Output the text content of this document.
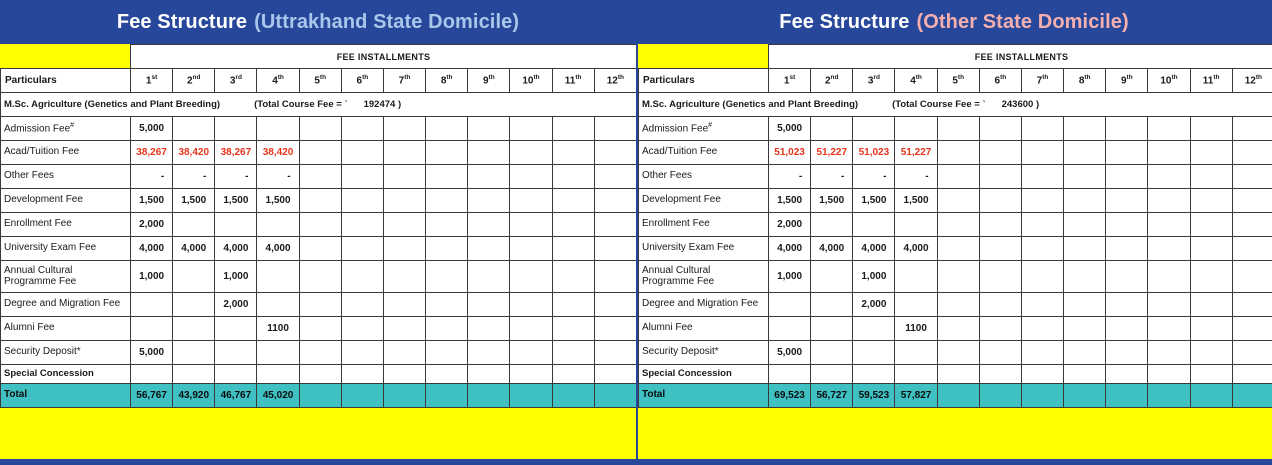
Fee Structure (Uttrakhand State Domicile)	Fee Structure (Other State Domicile)
	FEE INSTALLMENTS											
Particulars	1st	2nd	3rd	4th	5th	6th	7th	8th	9th	10th	11th	12th
M.Sc. Agriculture (Genetics and Plant Breeding) (Total Course Fee = ` 192474 )												
Admission Fee#	5,000											
Acad/Tuition Fee	38,267	38,420	38,267	38,420								
Other Fees	-	-	-	-								
Development Fee	1,500	1,500	1,500	1,500								
Enrollment Fee	2,000											
University Exam Fee	4,000	4,000	4,000	4,000								
Annual Cultural Programme Fee	1,000		1,000									
Degree and Migration Fee			2,000									
Alumni Fee				1100								
Security Deposit*	5,000											
Special Concession												
Total	56,767	43,920	46,767	45,020								
	FEE INSTALLMENTS											
Particulars	1st	2nd	3rd	4th	5th	6th	7th	8th	9th	10th	11th	12th
M.Sc. Agriculture (Genetics and Plant Breeding) (Total Course Fee = ` 243600 )												
Admission Fee#	5,000											
Acad/Tuition Fee	51,023	51,227	51,023	51,227								
Other Fees	-	-	-	-								
Development Fee	1,500	1,500	1,500	1,500								
Enrollment Fee	2,000											
University Exam Fee	4,000	4,000	4,000	4,000								
Annual Cultural Programme Fee	1,000		1,000									
Degree and Migration Fee			2,000									
Alumni Fee				1100								
Security Deposit*	5,000											
Special Concession												
Total	69,523	56,727	59,523	57,827								
